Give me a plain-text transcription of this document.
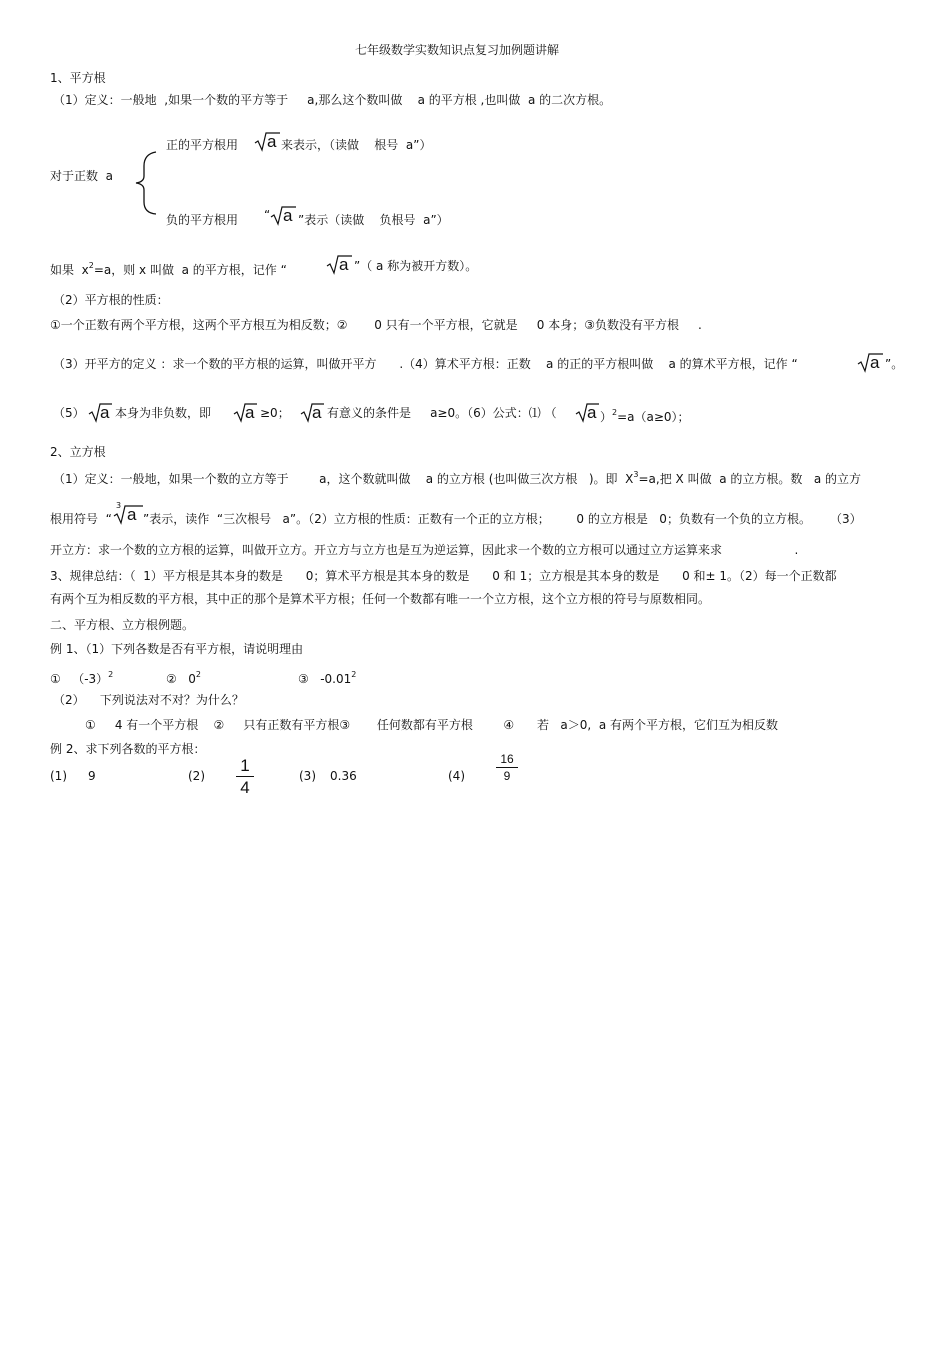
七年级数学实数知识点复习加例题讲解
1、平方根
（1）定义：一般地  ,如果一个数的平方等于     a,那么这个数叫做    a 的平方根 ,也叫做  a 的二次方根。
对于正数  a
正的平方根用 a 来表示，（读做    根号  a”）
负的平方根用 “ a ”表示（读做    负根号  a”）
如果  $x^2=a$，则 x 叫做  a 的平方根，记作 “	a ”（ a 称为被开方数）。
（2）平方根的性质：
①一个正数有两个平方根，这两个平方根互为相反数；②       0 只有一个平方根，它就是     0 本身；③负数没有平方根     .
（3）开平方的定义 ：求一个数的平方根的运算，叫做开平方      .（4）算术平方根：正数    a 的正的平方根叫做    a 的算术平方根，记作 “	a ”。
（5） a 本身为非负数，即 a ≥0； a 有意义的条件是     a≥0。（6）公式：⑴ （ a ）$^2$=a（a≥0）；
2、立方根
（1）定义：一般地，如果一个数的立方等于        a，这个数就叫做    a 的立方根 (也叫做三次方根   )。即  $X^3=a$,把 X 叫做  a 的立方根。数   a 的立方
根用符号  “
3 a ”表示，读作  “三次根号   a”。（2）立方根的性质：正数有一个正的立方根；       0 的立方根是   0；负数有一个负的立方根。     （3）
开立方：求一个数的立方根的运算，叫做开立方。开立方与立方也是互为逆运算，因此求一个数的立方根可以通过立方运算来求                   .
3、规律总结：（  1）平方根是其本身的数是      0；算术平方根是其本身的数是      0 和 1；立方根是其本身的数是      0 和± 1。（2）每一个正数都
有两个互为相反数的平方根，其中正的那个是算术平方根；任何一个数都有唯一一个立方根，这个立方根的符号与原数相同。
二、平方根、立方根例题。
例 1、（1）下列各数是否有平方根，请说明理由
①   $(-3)^2$	②   $0^2$	③   -0.01$^2$
（2）    下列说法对不对？为什么？
①     4 有一个平方根    ②     只有正数有平方根③       任何数都有平方根        ④      若   a＞0,  a 有两个平方根，它们互为相反数
例 2、求下列各数的平方根：
(1) 9	(2)
1
4
(3) 0.36	(4)
16
9
